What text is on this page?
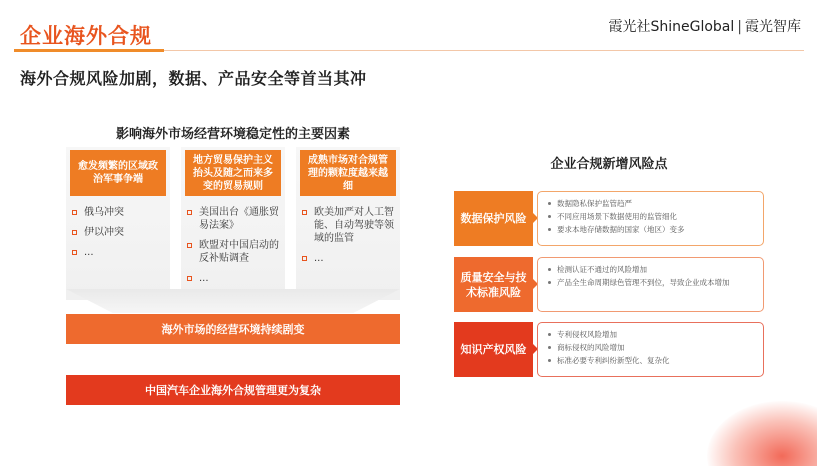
企业海外合规	霞光社ShineGlobal | 霞光智库
海外合规风险加剧，数据、产品安全等首当其冲
影响海外市场经营环境稳定性的主要因素
愈发频繁的区域政治军事争端
俄乌冲突
伊以冲突
...
地方贸易保护主义抬头及随之而来多变的贸易规则
美国出台《通胀贸易法案》
欧盟对中国启动的反补贴调查
...
成熟市场对合规管理的颗粒度越来越细
欧美加严对人工智能、自动驾驶等领域的监管
...
海外市场的经营环境持续剧变
中国汽车企业海外合规管理更为复杂
企业合规新增风险点
数据保护风险
数据隐私保护监管趋严
不同应用场景下数据使用的监管细化
要求本地存储数据的国家（地区）变多
质量安全与技术标准风险
检测认证不通过的风险增加
产品全生命周期绿色管理不到位，导致企业成本增加
知识产权风险
专利侵权风险增加
商标侵权的风险增加
标准必要专利纠纷新型化、复杂化
